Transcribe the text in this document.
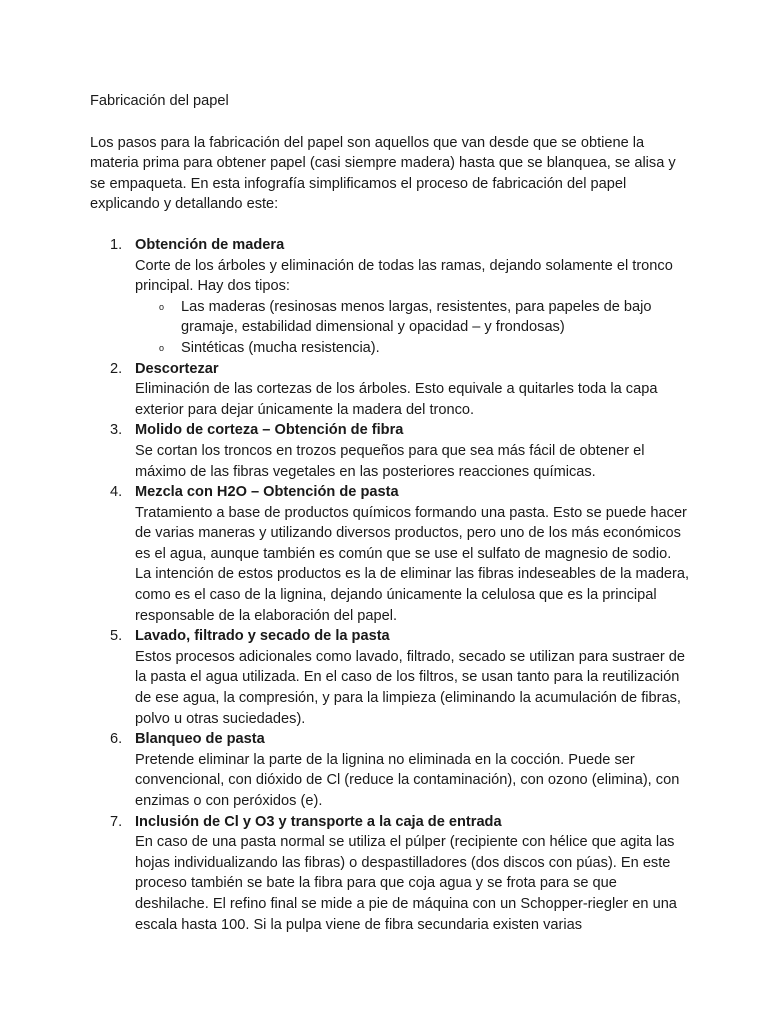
Fabricación del papel

Los pasos para la fabricación del papel son aquellos que van desde que se obtiene la materia prima para obtener papel (casi siempre madera) hasta que se blanquea, se alisa y se empaqueta. En esta infografía simplificamos el proceso de fabricación del papel explicando y detallando este:

1. Obtención de madera
Corte de los árboles y eliminación de todas las ramas, dejando solamente el tronco principal. Hay dos tipos:
o Las maderas (resinosas menos largas, resistentes, para papeles de bajo gramaje, estabilidad dimensional y opacidad – y frondosas)
o Sintéticas (mucha resistencia).
2. Descortezar
Eliminación de las cortezas de los árboles. Esto equivale a quitarles toda la capa exterior para dejar únicamente la madera del tronco.
3. Molido de corteza – Obtención de fibra
Se cortan los troncos en trozos pequeños para que sea más fácil de obtener el máximo de las fibras vegetales en las posteriores reacciones químicas.
4. Mezcla con H2O – Obtención de pasta
Tratamiento a base de productos químicos formando una pasta. Esto se puede hacer de varias maneras y utilizando diversos productos, pero uno de los más económicos es el agua, aunque también es común que se use el sulfato de magnesio de sodio. La intención de estos productos es la de eliminar las fibras indeseables de la madera, como es el caso de la lignina, dejando únicamente la celulosa que es la principal responsable de la elaboración del papel.
5. Lavado, filtrado y secado de la pasta
Estos procesos adicionales como lavado, filtrado, secado se utilizan para sustraer de la pasta el agua utilizada. En el caso de los filtros, se usan tanto para la reutilización de ese agua, la compresión, y para la limpieza (eliminando la acumulación de fibras, polvo u otras suciedades).
6. Blanqueo de pasta
Pretende eliminar la parte de la lignina no eliminada en la cocción. Puede ser convencional, con dióxido de Cl (reduce la contaminación), con ozono (elimina), con enzimas o con peróxidos (e).
7. Inclusión de Cl y O3 y transporte a la caja de entrada
En caso de una pasta normal se utiliza el púlper (recipiente con hélice que agita las hojas individualizando las fibras) o despastilladores (dos discos con púas). En este proceso también se bate la fibra para que coja agua y se frota para se que deshilache. El refino final se mide a pie de máquina con un Schopper-riegler en una escala hasta 100. Si la pulpa viene de fibra secundaria existen varias
